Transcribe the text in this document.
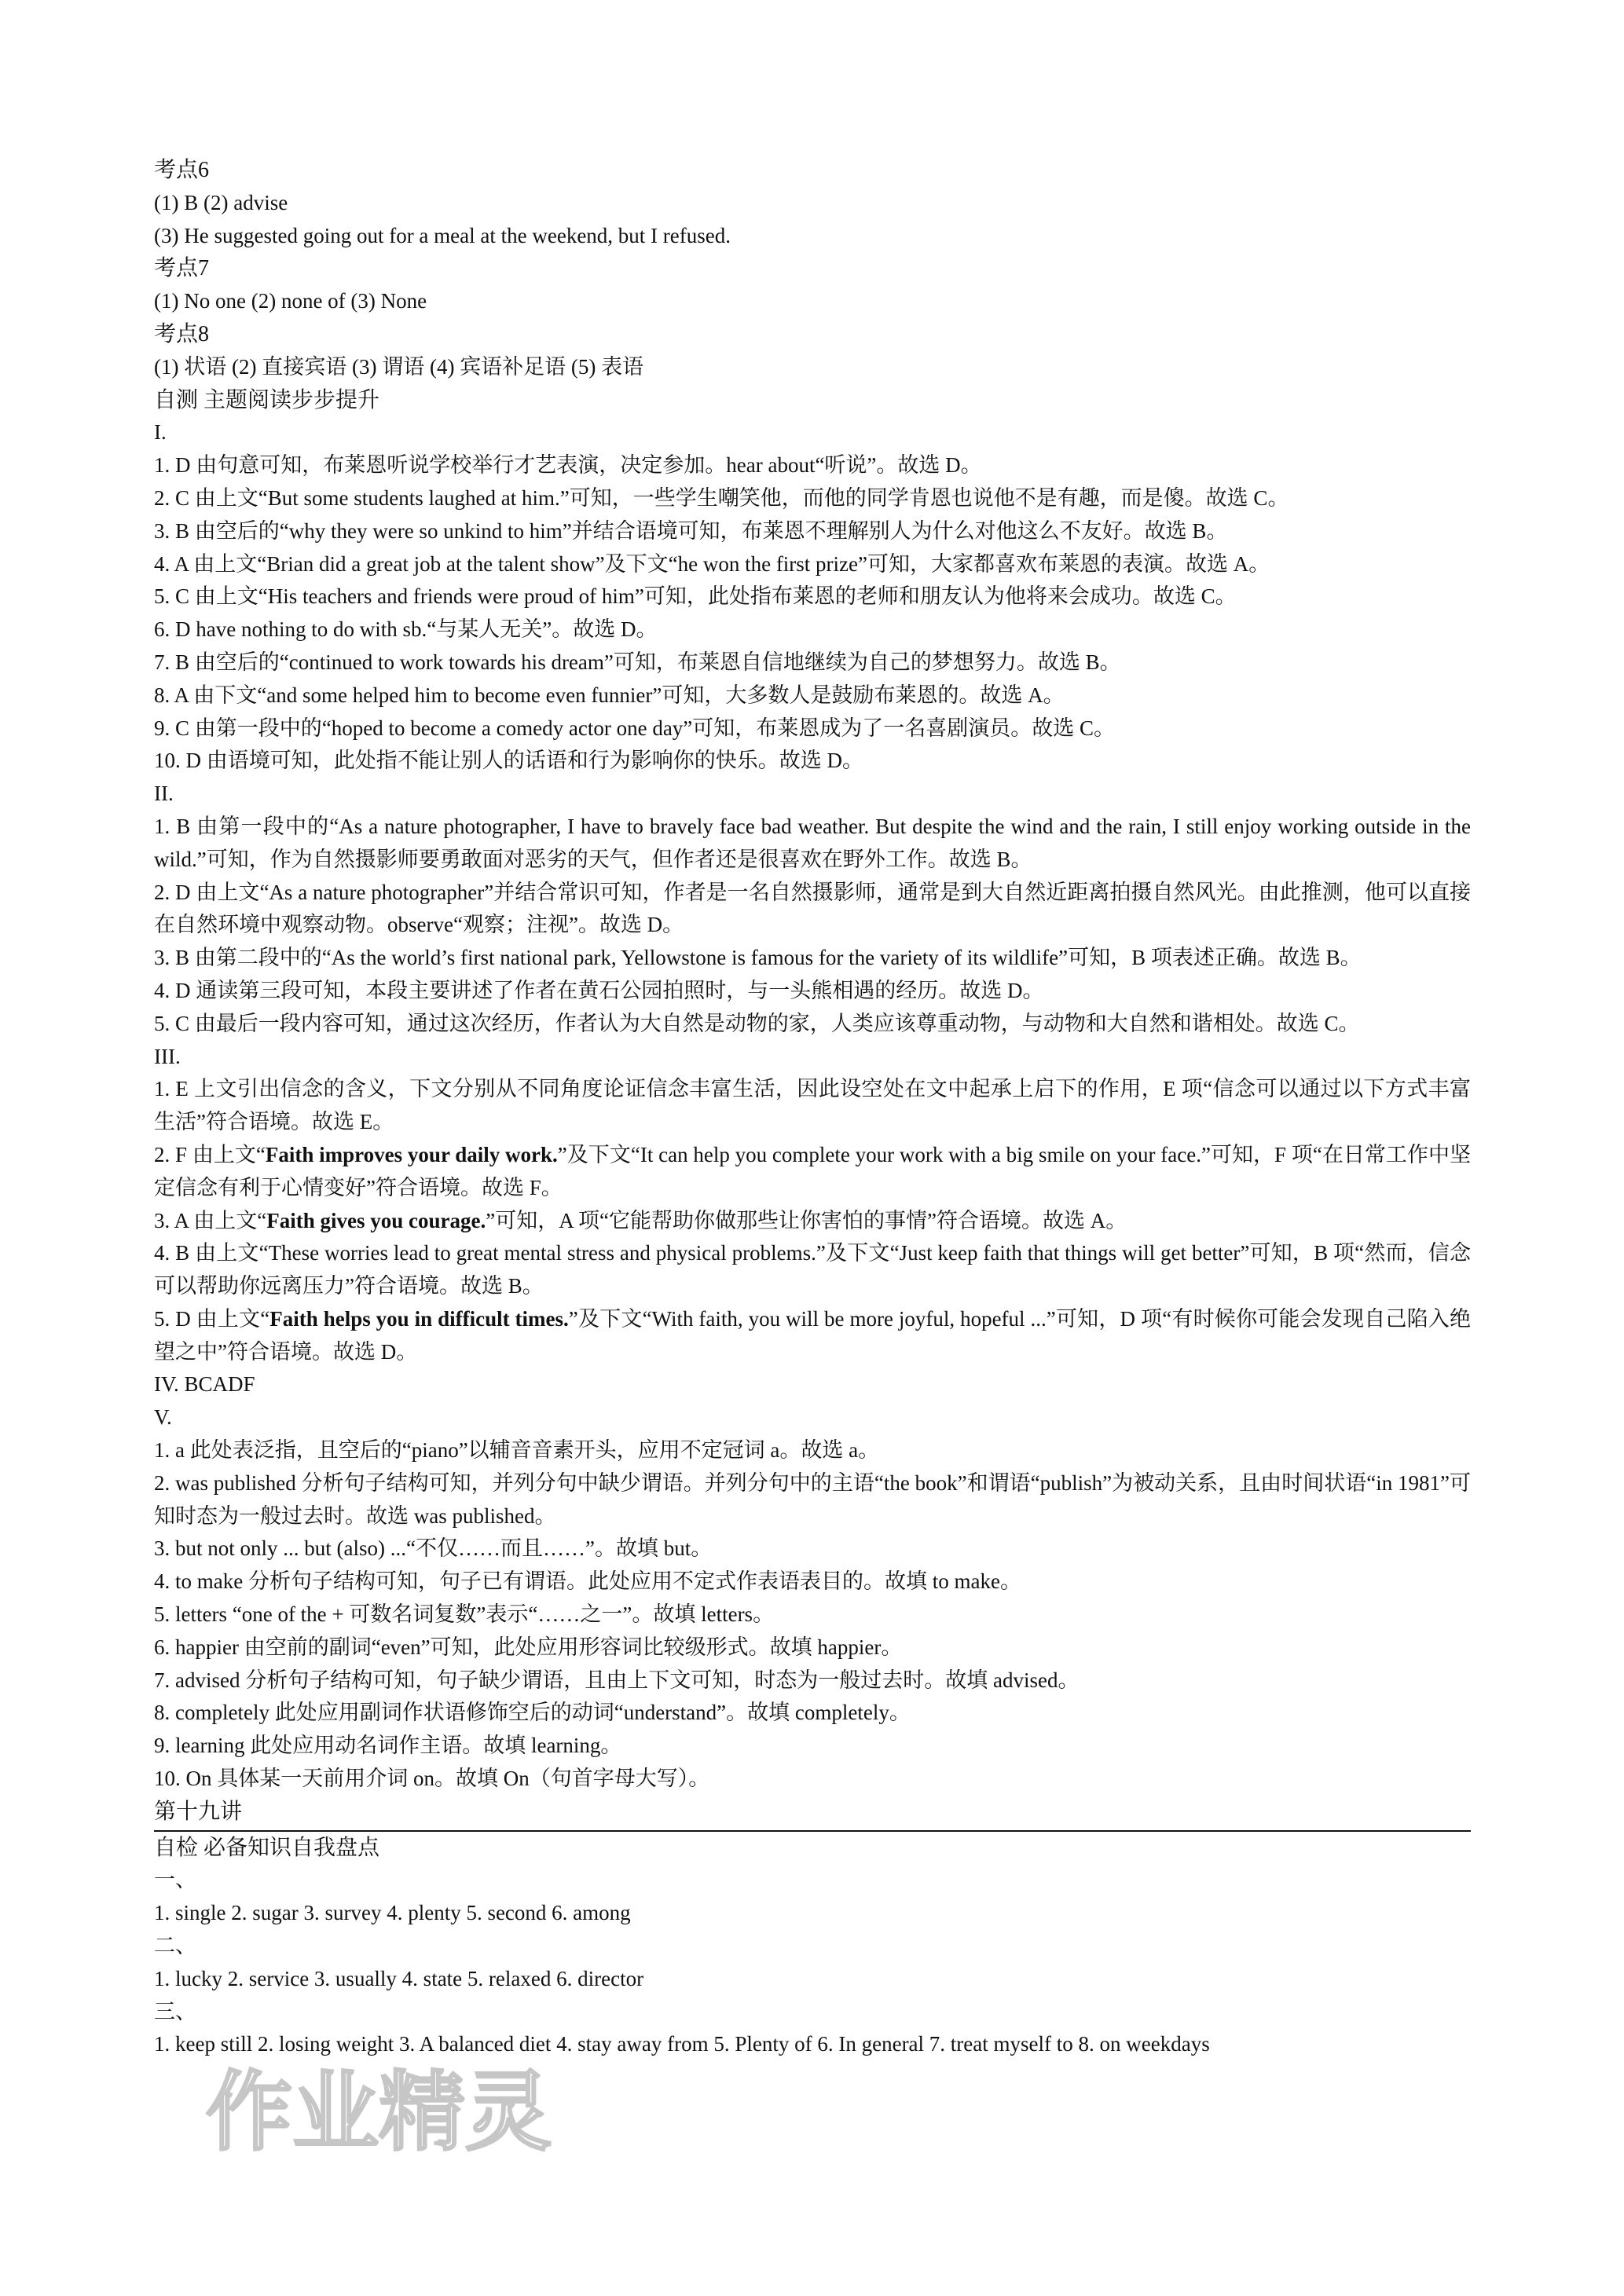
考点6
(1) B (2) advise
(3) He suggested going out for a meal at the weekend, but I refused.
考点7
(1) No one (2) none of (3) None
考点8
(1) 状语 (2) 直接宾语 (3) 谓语 (4) 宾语补足语 (5) 表语
自测 主题阅读步步提升
I.
1. D 由句意可知，布莱恩听说学校举行才艺表演，决定参加。hear about“听说”。故选 D。
2. C 由上文“But some students laughed at him.”可知，一些学生嘲笑他，而他的同学肯恩也说他不是有趣，而是傻。故选 C。
3. B 由空后的“why they were so unkind to him”并结合语境可知，布莱恩不理解别人为什么对他这么不友好。故选 B。
4. A 由上文“Brian did a great job at the talent show”及下文“he won the first prize”可知，大家都喜欢布莱恩的表演。故选 A。
5. C 由上文“His teachers and friends were proud of him”可知，此处指布莱恩的老师和朋友认为他将来会成功。故选 C。
6. D have nothing to do with sb.“与某人无关”。故选 D。
7. B 由空后的“continued to work towards his dream”可知，布莱恩自信地继续为自己的梦想努力。故选 B。
8. A 由下文“and some helped him to become even funnier”可知，大多数人是鼓励布莱恩的。故选 A。
9. C 由第一段中的“hoped to become a comedy actor one day”可知，布莱恩成为了一名喜剧演员。故选 C。
10. D 由语境可知，此处指不能让别人的话语和行为影响你的快乐。故选 D。
II.
1. B 由第一段中的“As a nature photographer, I have to bravely face bad weather. But despite the wind and the rain, I still enjoy working outside in the wild.”可知，作为自然摄影师要勇敢面对恶劣的天气，但作者还是很喜欢在野外工作。故选 B。
2. D 由上文“As a nature photographer”并结合常识可知，作者是一名自然摄影师，通常是到大自然近距离拍摄自然风光。由此推测，他可以直接在自然环境中观察动物。observe“观察；注视”。故选 D。
3. B 由第二段中的“As the world’s first national park, Yellowstone is famous for the variety of its wildlife”可知，B 项表述正确。故选 B。
4. D 通读第三段可知，本段主要讲述了作者在黄石公园拍照时，与一头熊相遇的经历。故选 D。
5. C 由最后一段内容可知，通过这次经历，作者认为大自然是动物的家，人类应该尊重动物，与动物和大自然和谐相处。故选 C。
III.
1. E 上文引出信念的含义，下文分别从不同角度论证信念丰富生活，因此设空处在文中起承上启下的作用，E 项“信念可以通过以下方式丰富生活”符合语境。故选 E。
2. F 由上文“Faith improves your daily work.”及下文“It can help you complete your work with a big smile on your face.”可知，F 项“在日常工作中坚定信念有利于心情变好”符合语境。故选 F。
3. A 由上文“Faith gives you courage.”可知，A 项“它能帮助你做那些让你害怕的事情”符合语境。故选 A。
4. B 由上文“These worries lead to great mental stress and physical problems.”及下文“Just keep faith that things will get better”可知，B 项“然而，信念可以帮助你远离压力”符合语境。故选 B。
5. D 由上文“Faith helps you in difficult times.”及下文“With faith, you will be more joyful, hopeful ...”可知，D 项“有时候你可能会发现自己陷入绝望之中”符合语境。故选 D。
IV. BCADF
V.
1. a 此处表泛指，且空后的“piano”以辅音音素开头，应用不定冠词 a。故选 a。
2. was published 分析句子结构可知，并列分句中缺少谓语。并列分句中的主语“the book”和谓语“publish”为被动关系，且由时间状语“in 1981”可知时态为一般过去时。故选 was published。
3. but not only ... but (also) ...“不仅……而且……”。故填 but。
4. to make 分析句子结构可知，句子已有谓语。此处应用不定式作表语表目的。故填 to make。
5. letters “one of the + 可数名词复数”表示“……之一”。故填 letters。
6. happier 由空前的副词“even”可知，此处应用形容词比较级形式。故填 happier。
7. advised 分析句子结构可知，句子缺少谓语，且由上下文可知，时态为一般过去时。故填 advised。
8. completely 此处应用副词作状语修饰空后的动词“understand”。故填 completely。
9. learning 此处应用动名词作主语。故填 learning。
10. On 具体某一天前用介词 on。故填 On（句首字母大写）。
第十九讲
自检 必备知识自我盘点
一、
1. single 2. sugar 3. survey 4. plenty 5. second 6. among
二、
1. lucky 2. service 3. usually 4. state 5. relaxed 6. director
三、
1. keep still 2. losing weight 3. A balanced diet 4. stay away from 5. Plenty of 6. In general 7. treat myself to 8. on weekdays
作业精灵
